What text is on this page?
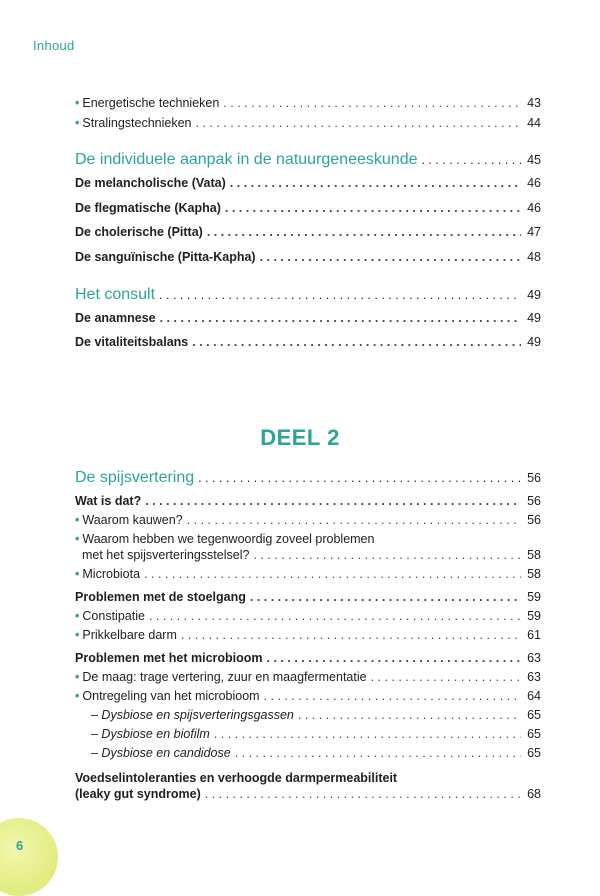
Inhoud
• Energetische technieken . . .	43
• Stralingstechnieken . . .	44
De individuele aanpak in de natuurgeneeskunde . . .	45
De melancholische (Vata) . . .	46
De flegmatische (Kapha) . . .	46
De cholerische (Pitta) . . .	47
De sanguïnische (Pitta-Kapha) . . .	48
Het consult . . .	49
De anamnese . . .	49
De vitaliteitsbalans . . .	49
DEEL 2
De spijsvertering . . .	56
Wat is dat? . . .	56
• Waarom kauwen? . . .	56
• Waarom hebben we tegenwoordig zoveel problemen
met het spijsverteringsstelsel? . . .	58
• Microbiota . . .	58
Problemen met de stoelgang . . .	59
• Constipatie . . .	59
• Prikkelbare darm . . .	61
Problemen met het microbioom . . .	63
• De maag: trage vertering, zuur en maagfermentatie . . .	63
• Ontregeling van het microbioom . . .	64
– Dysbiose en spijsverteringsgassen . . .	65
– Dysbiose en biofilm . . .	65
– Dysbiose en candidose . . .	65
Voedselintoleranties en verhoogde darmpermeabiliteit
(leaky gut syndrome) . . .	68
6
